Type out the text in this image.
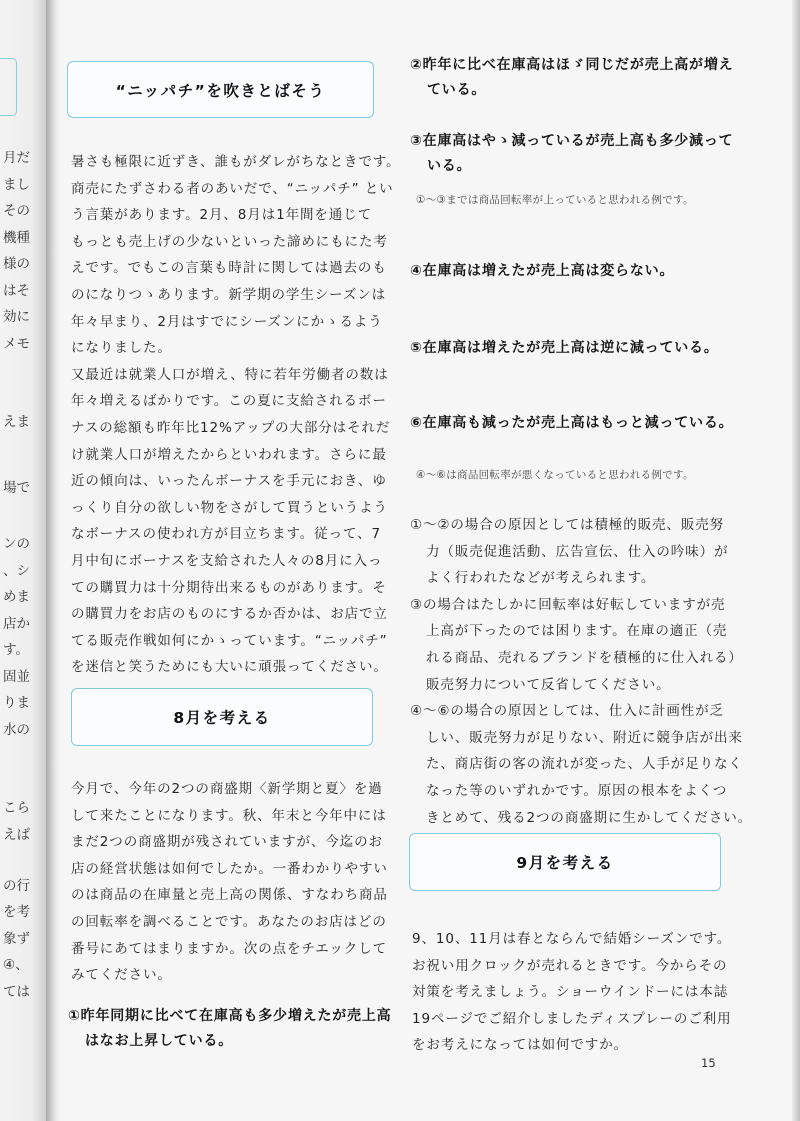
月だ
まし
その
機種
様の
はそ
効に
メモ
えま
場で
ンの
、シ
めま
店か
す。
固並
りま
水の
こら
えば
の行
を考
象ず
④、
ては
“ニッパチ”を吹きとばそう
暑さも極限に近ずき、誰もがダレがちなときです。
商売にたずさわる者のあいだで、“ニッパチ” とい
う言葉があります。2月、8月は1年間を通じて
もっとも売上げの少ないといった諦めにもにた考
えです。でもこの言葉も時計に関しては過去のも
のになりつゝあります。新学期の学生シーズンは
年々早まり、2月はすでにシーズンにかゝるよう
になりました。
又最近は就業人口が増え、特に若年労働者の数は
年々増えるばかりです。この夏に支給されるボー
ナスの総額も昨年比12%アップの大部分はそれだ
け就業人口が増えたからといわれます。さらに最
近の傾向は、いったんボーナスを手元におき、ゆ
っくり自分の欲しい物をさがして買うというよう
なボーナスの使われ方が目立ちます。従って、7
月中旬にボーナスを支給された人々の8月に入っ
ての購買力は十分期待出来るものがあります。そ
の購買力をお店のものにするか否かは、お店で立
てる販売作戦如何にかゝっています。“ニッパチ”
を迷信と笑うためにも大いに頑張ってください。
8月を考える
今月で、今年の2つの商盛期〈新学期と夏〉を過
して来たことになります。秋、年末と今年中には
まだ2つの商盛期が残されていますが、今迄のお
店の経営状態は如何でしたか。一番わかりやすい
のは商品の在庫量と売上高の関係、すなわち商品
の回転率を調べることです。あなたのお店はどの
番号にあてはまりますか。次の点をチエックして
みてください。
①昨年同期に比べて在庫高も多少増えたが売上高
はなお上昇している。
②昨年に比べ在庫高はほゞ同じだが売上高が増え
ている。
③在庫高はやゝ減っているが売上高も多少減って
いる。
①～③までは商品回転率が上っていると思われる例です。
④在庫高は増えたが売上高は変らない。
⑤在庫高は増えたが売上高は逆に減っている。
⑥在庫高も減ったが売上高はもっと減っている。
④～⑥は商品回転率が悪くなっていると思われる例です。
①～②の場合の原因としては積極的販売、販売努
力（販売促進活動、広告宣伝、仕入の吟味）が
よく行われたなどが考えられます。
③の場合はたしかに回転率は好転していますが売
上高が下ったのでは困ります。在庫の適正（売
れる商品、売れるブランドを積極的に仕入れる）
販売努力について反省してください。
④～⑥の場合の原因としては、仕入に計画性が乏
しい、販売努力が足りない、附近に競争店が出来
た、商店街の客の流れが変った、人手が足りなく
なった等のいずれかです。原因の根本をよくつ
きとめて、残る2つの商盛期に生かしてください。
9月を考える
9、10、11月は春とならんで結婚シーズンです。
お祝い用クロックが売れるときです。今からその
対策を考えましょう。ショーウインドーには本誌
19ページでご紹介しましたディスプレーのご利用
をお考えになっては如何ですか。
15
